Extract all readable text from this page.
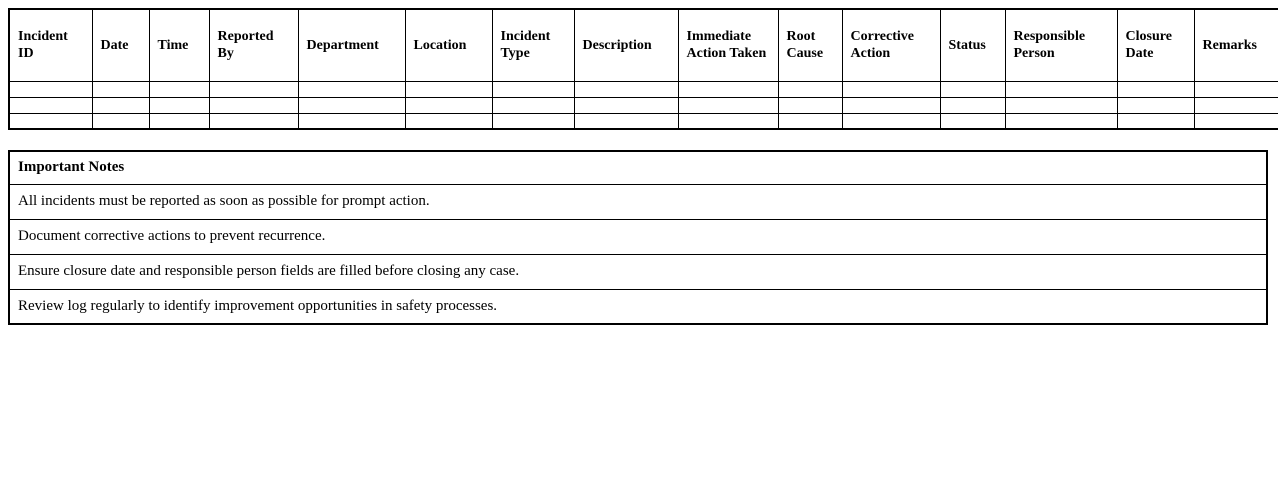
Incident ID	Date	Time	Reported By	Department	Location	Incident Type	Description	Immediate Action Taken	Root Cause	Corrective Action	Status	Responsible Person	Closure Date	Remarks

Important Notes
All incidents must be reported as soon as possible for prompt action.
Document corrective actions to prevent recurrence.
Ensure closure date and responsible person fields are filled before closing any case.
Review log regularly to identify improvement opportunities in safety processes.
